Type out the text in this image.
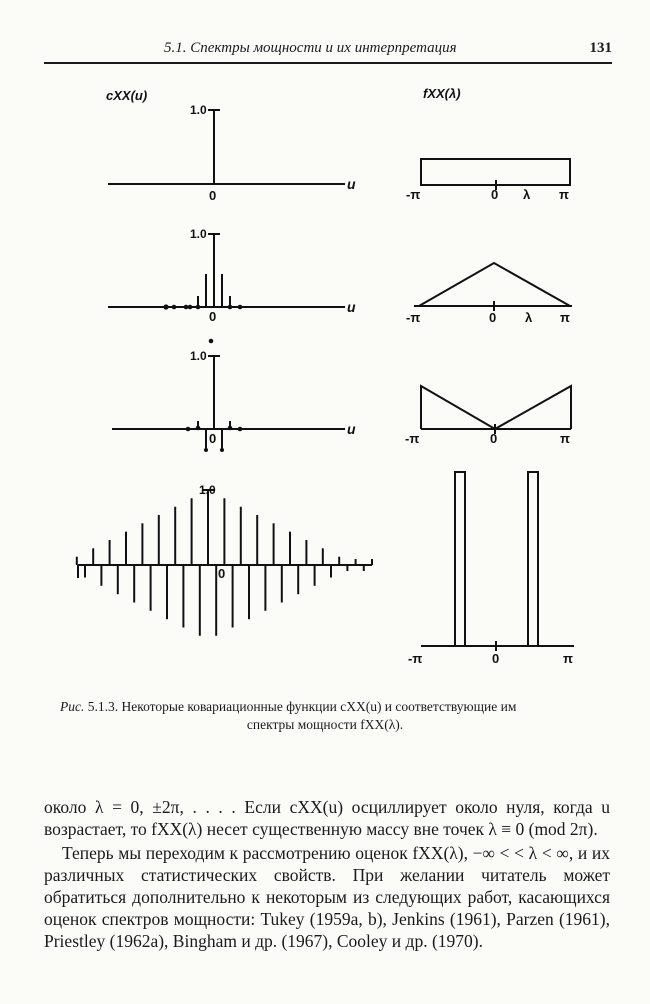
5.1. Спектры мощности и их интерпретация	131
cXX(u)	fXX(λ)
1.0
0
u
1.0
0
u
1.0
0
u
1.0
0
-π	0 λ π
-π	0 λ π
-π	0	π
-π	0	π
Рис. 5.1.3. Некоторые ковариационные функции cXX(u) и соответствующие им
спектры мощности fXX(λ).

около λ = 0, ±2π, . . . . Если cXX(u) осциллирует около нуля, когда u возрастает, то fXX(λ) несет существенную массу вне точек λ ≡ 0 (mod 2π).

Теперь мы переходим к рассмотрению оценок fXX(λ), −∞ < < λ < ∞, и их различных статистических свойств. При желании читатель может обратиться дополнительно к некоторым из следующих работ, касающихся оценок спектров мощности: Tukey (1959a, b), Jenkins (1961), Parzen (1961), Priestley (1962a), Bingham и др. (1967), Cooley и др. (1970).
